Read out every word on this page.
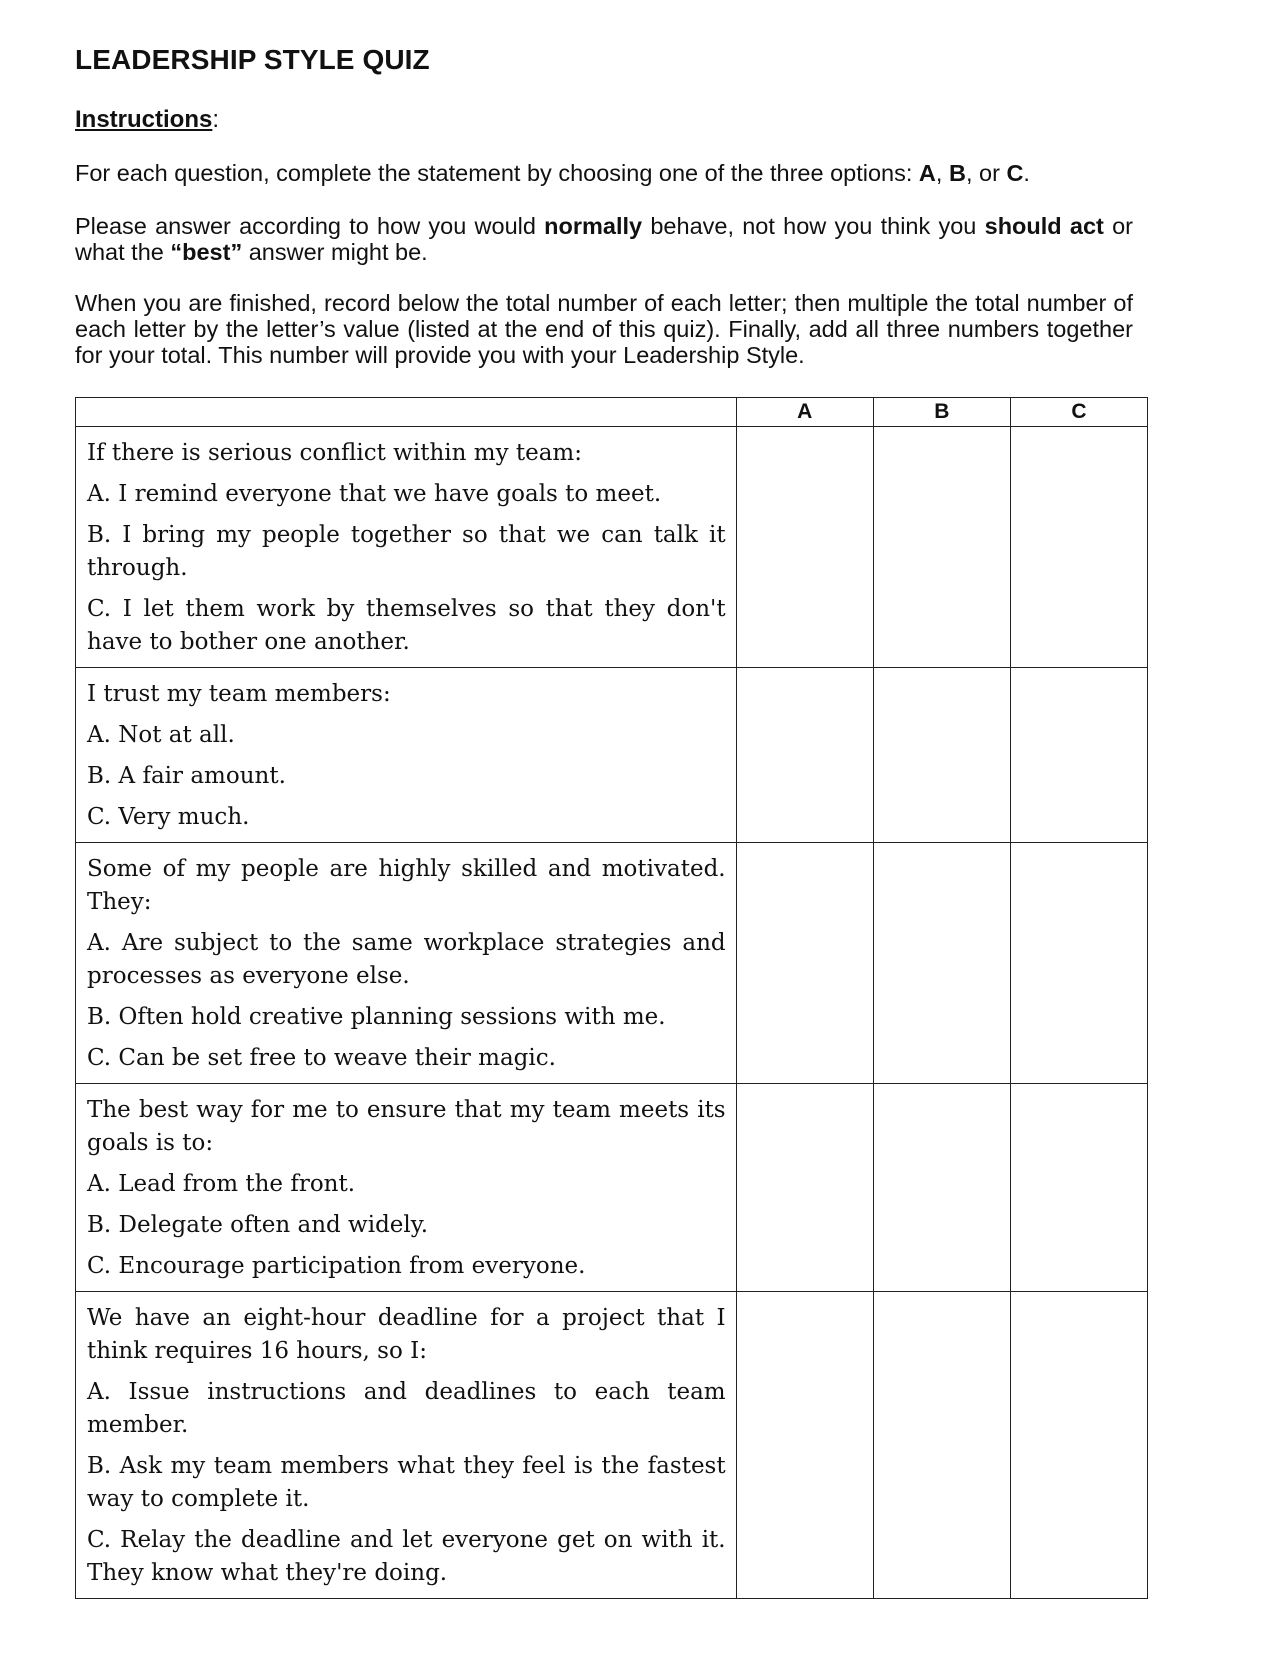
LEADERSHIP STYLE QUIZ
Instructions:
For each question, complete the statement by choosing one of the three options: A, B, or C.
Please answer according to how you would normally behave, not how you think you should act or what the “best” answer might be.
When you are finished, record below the total number of each letter; then multiple the total number of each letter by the letter’s value (listed at the end of this quiz). Finally, add all three numbers together for your total. This number will provide you with your Leadership Style.
	A	B	C

If there is serious conflict within my team:

A. I remind everyone that we have goals to meet.

B. I bring my people together so that we can talk it through.

C. I let them work by themselves so that they don't have to bother one another.			

I trust my team members:

A. Not at all.

B. A fair amount.

C. Very much.			

Some of my people are highly skilled and motivated. They:

A. Are subject to the same workplace strategies and processes as everyone else.

B. Often hold creative planning sessions with me.

C. Can be set free to weave their magic.			

The best way for me to ensure that my team meets its goals is to:

A. Lead from the front.

B. Delegate often and widely.

C. Encourage participation from everyone.			

We have an eight-hour deadline for a project that I think requires 16 hours, so I:

A. Issue instructions and deadlines to each team member.

B. Ask my team members what they feel is the fastest way to complete it.

C. Relay the deadline and let everyone get on with it. They know what they're doing.			
